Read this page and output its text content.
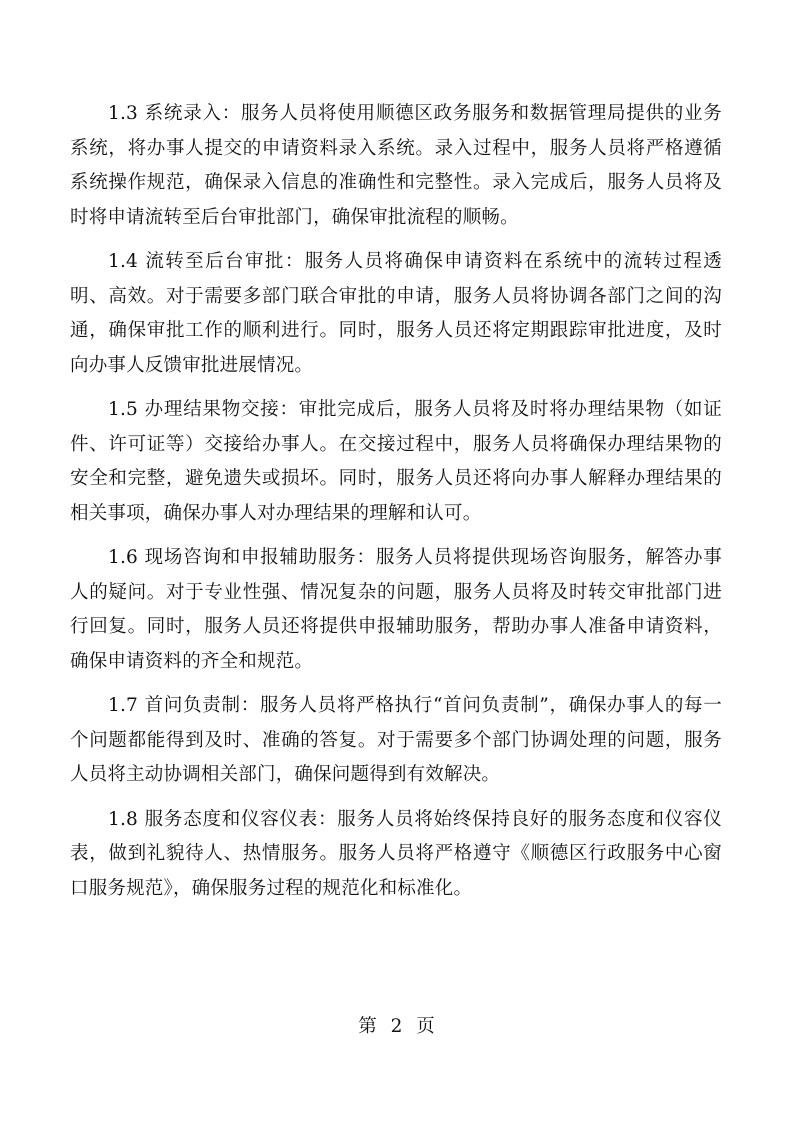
1.3 系统录入：服务人员将使用顺德区政务服务和数据管理局提供的业务系统，将办事人提交的申请资料录入系统。录入过程中，服务人员将严格遵循系统操作规范，确保录入信息的准确性和完整性。录入完成后，服务人员将及时将申请流转至后台审批部门，确保审批流程的顺畅。

1.4 流转至后台审批：服务人员将确保申请资料在系统中的流转过程透明、高效。对于需要多部门联合审批的申请，服务人员将协调各部门之间的沟通，确保审批工作的顺利进行。同时，服务人员还将定期跟踪审批进度，及时向办事人反馈审批进展情况。

1.5 办理结果物交接：审批完成后，服务人员将及时将办理结果物（如证件、许可证等）交接给办事人。在交接过程中，服务人员将确保办理结果物的安全和完整，避免遗失或损坏。同时，服务人员还将向办事人解释办理结果的相关事项，确保办事人对办理结果的理解和认可。

1.6 现场咨询和申报辅助服务：服务人员将提供现场咨询服务，解答办事人的疑问。对于专业性强、情况复杂的问题，服务人员将及时转交审批部门进行回复。同时，服务人员还将提供申报辅助服务，帮助办事人准备申请资料，确保申请资料的齐全和规范。

1.7 首问负责制：服务人员将严格执行“首问负责制”，确保办事人的每一个问题都能得到及时、准确的答复。对于需要多个部门协调处理的问题，服务人员将主动协调相关部门，确保问题得到有效解决。

1.8 服务态度和仪容仪表：服务人员将始终保持良好的服务态度和仪容仪表，做到礼貌待人、热情服务。服务人员将严格遵守《顺德区行政服务中心窗口服务规范》，确保服务过程的规范化和标准化。

第 2 页
